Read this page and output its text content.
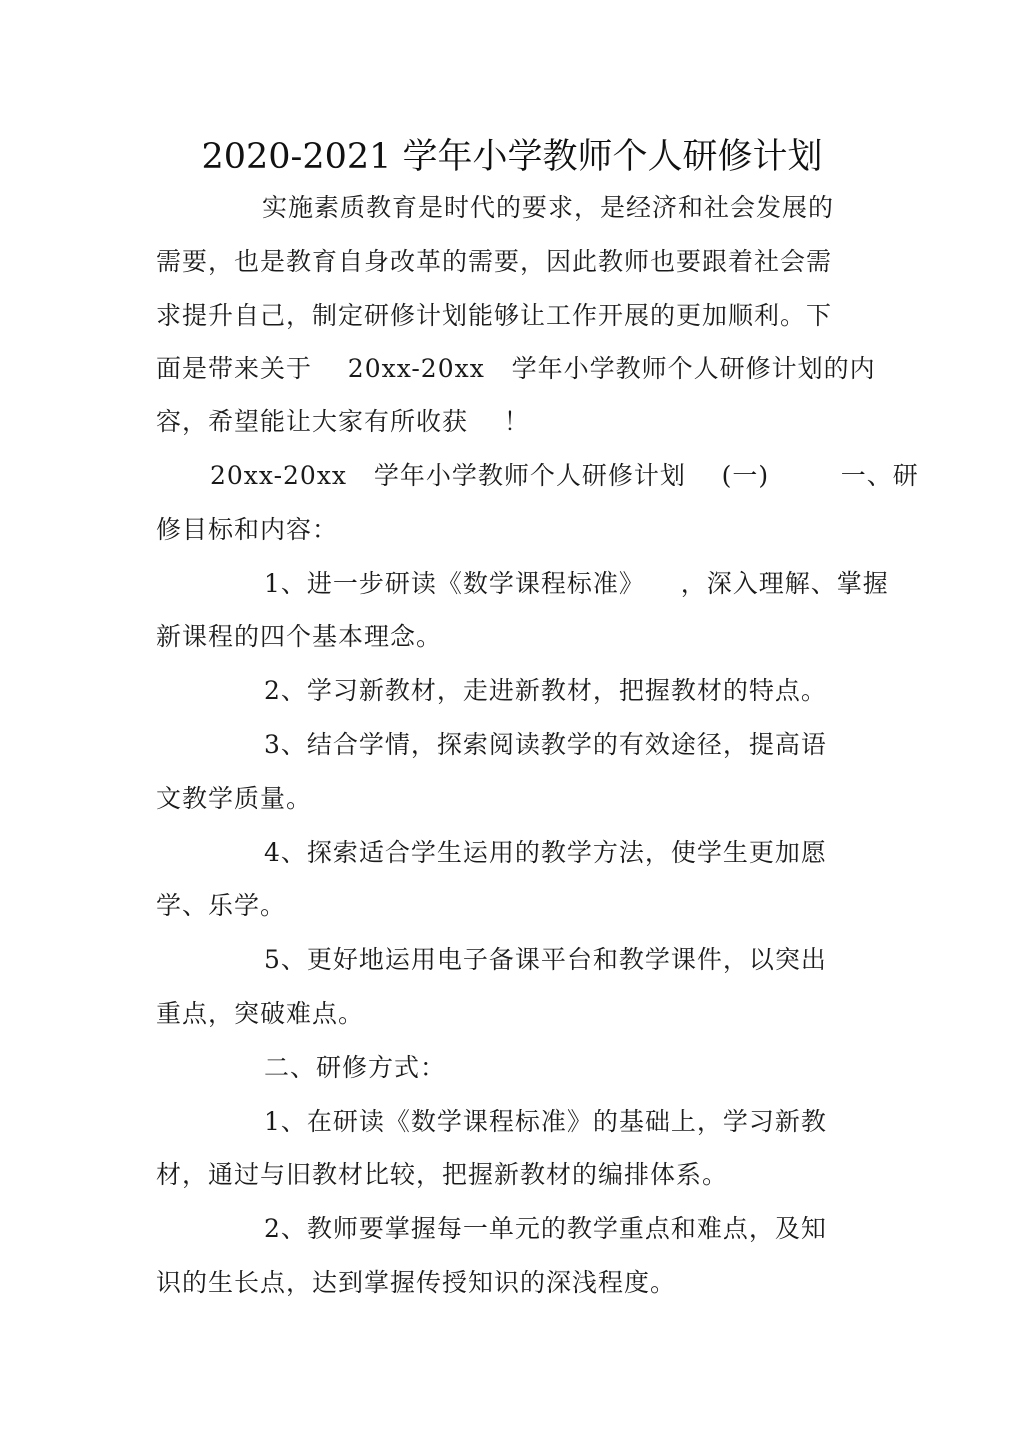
2020-2021 学年小学教师个人研修计划
实施素质教育是时代的要求，是经济和社会发展的
需要，也是教育自身改革的需要，因此教师也要跟着社会需
求提升自己，制定研修计划能够让工作开展的更加顺利。下
面是带来关于    20xx-20xx   学年小学教师个人研修计划的内
容，希望能让大家有所收获    ！
20xx-20xx   学年小学教师个人研修计划    (一)        一、研
修目标和内容：
1、进一步研读《数学课程标准》    ，深入理解、掌握
新课程的四个基本理念。
2、学习新教材，走进新教材，把握教材的特点。
3、结合学情，探索阅读教学的有效途径，提高语
文教学质量。
4、探索适合学生运用的教学方法，使学生更加愿
学、乐学。
5、更好地运用电子备课平台和教学课件，以突出
重点，突破难点。
二、研修方式：
1、在研读《数学课程标准》的基础上，学习新教
材，通过与旧教材比较，把握新教材的编排体系。
2、教师要掌握每一单元的教学重点和难点，及知
识的生长点，达到掌握传授知识的深浅程度。
